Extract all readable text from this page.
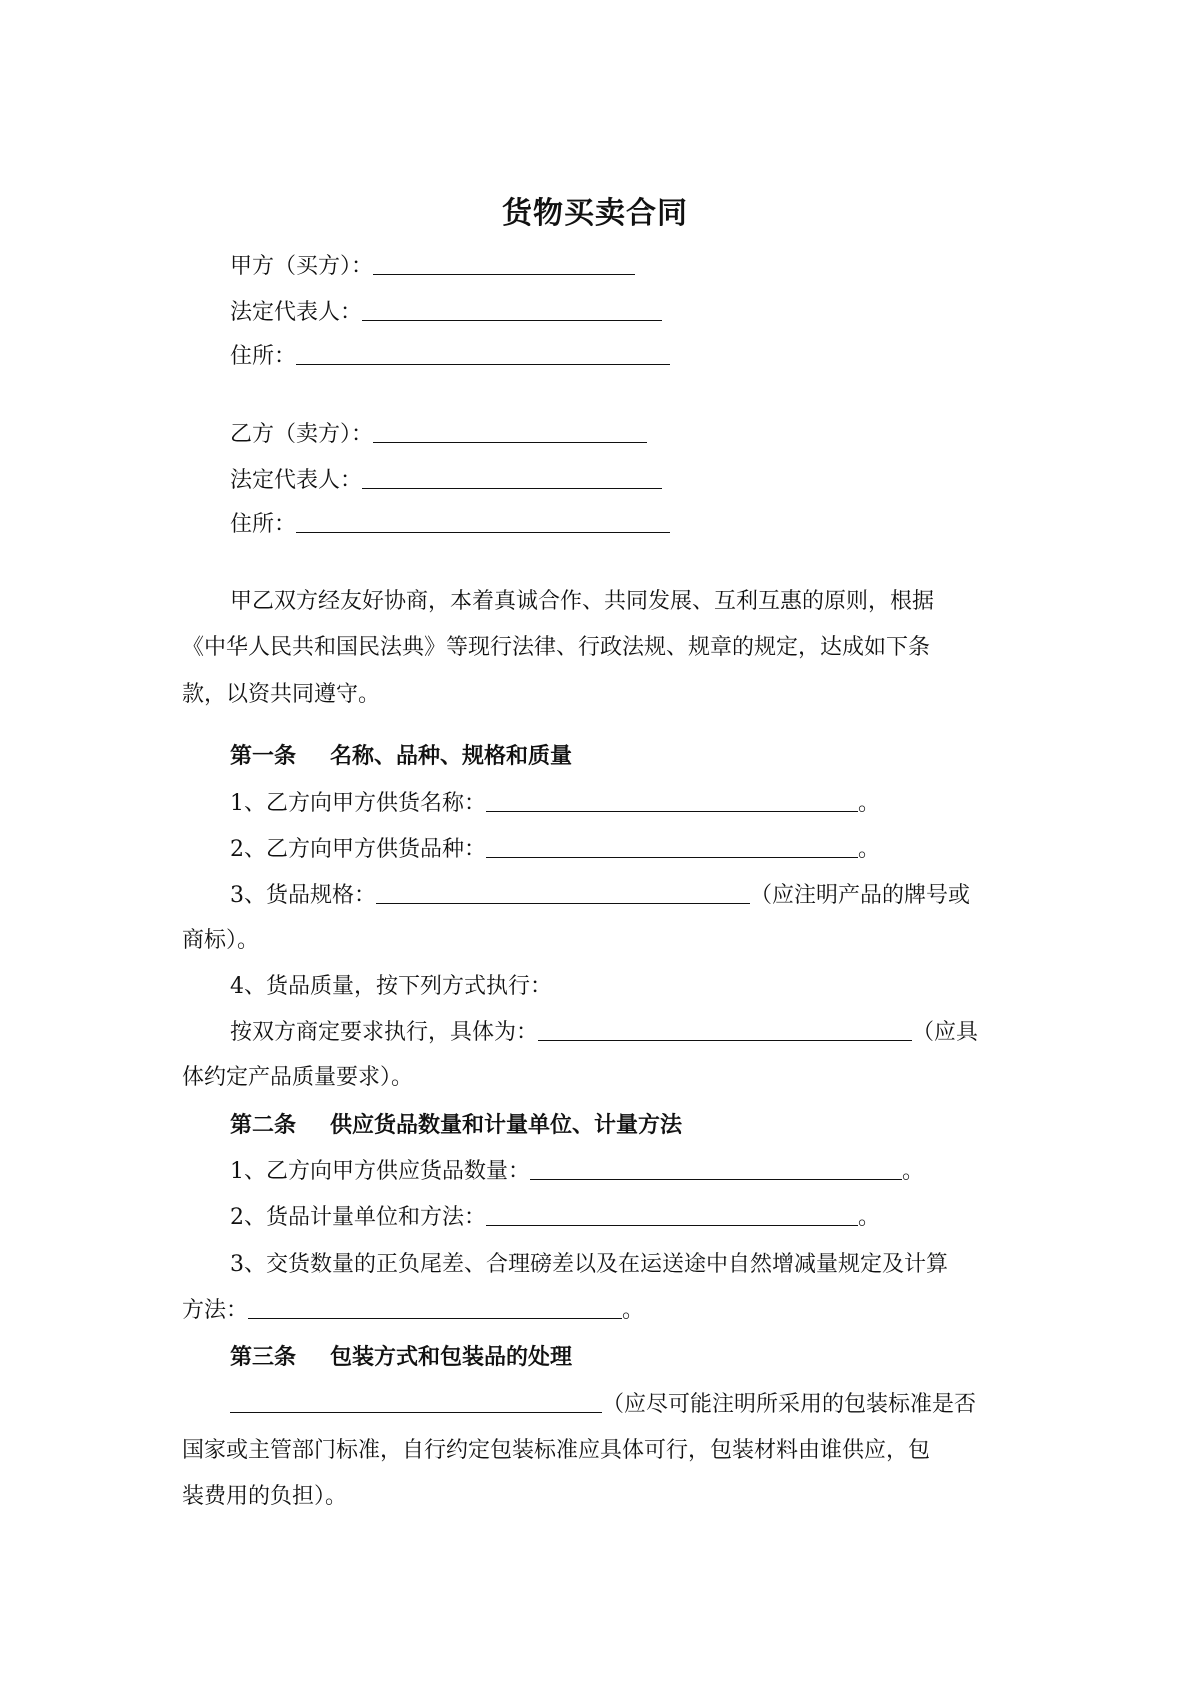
货物买卖合同
甲方（买方）：
法定代表人：
住所：
乙方（卖方）：
法定代表人：
住所：
甲乙双方经友好协商，本着真诚合作、共同发展、互利互惠的原则，根据
《中华人民共和国民法典》等现行法律、行政法规、规章的规定，达成如下条
款，以资共同遵守。
第一条 名称、品种、规格和质量
1、乙方向甲方供货名称：	。
2、乙方向甲方供货品种：	。
3、货品规格：	（应注明产品的牌号或
商标）。
4、货品质量，按下列方式执行：
按双方商定要求执行，具体为：	（应具
体约定产品质量要求）。
第二条 供应货品数量和计量单位、计量方法
1、乙方向甲方供应货品数量：	。
2、货品计量单位和方法：	。
3、交货数量的正负尾差、合理磅差以及在运送途中自然增减量规定及计算
方法：	。
第三条 包装方式和包装品的处理
（应尽可能注明所采用的包装标准是否
国家或主管部门标准，自行约定包装标准应具体可行，包装材料由谁供应，包
装费用的负担）。
